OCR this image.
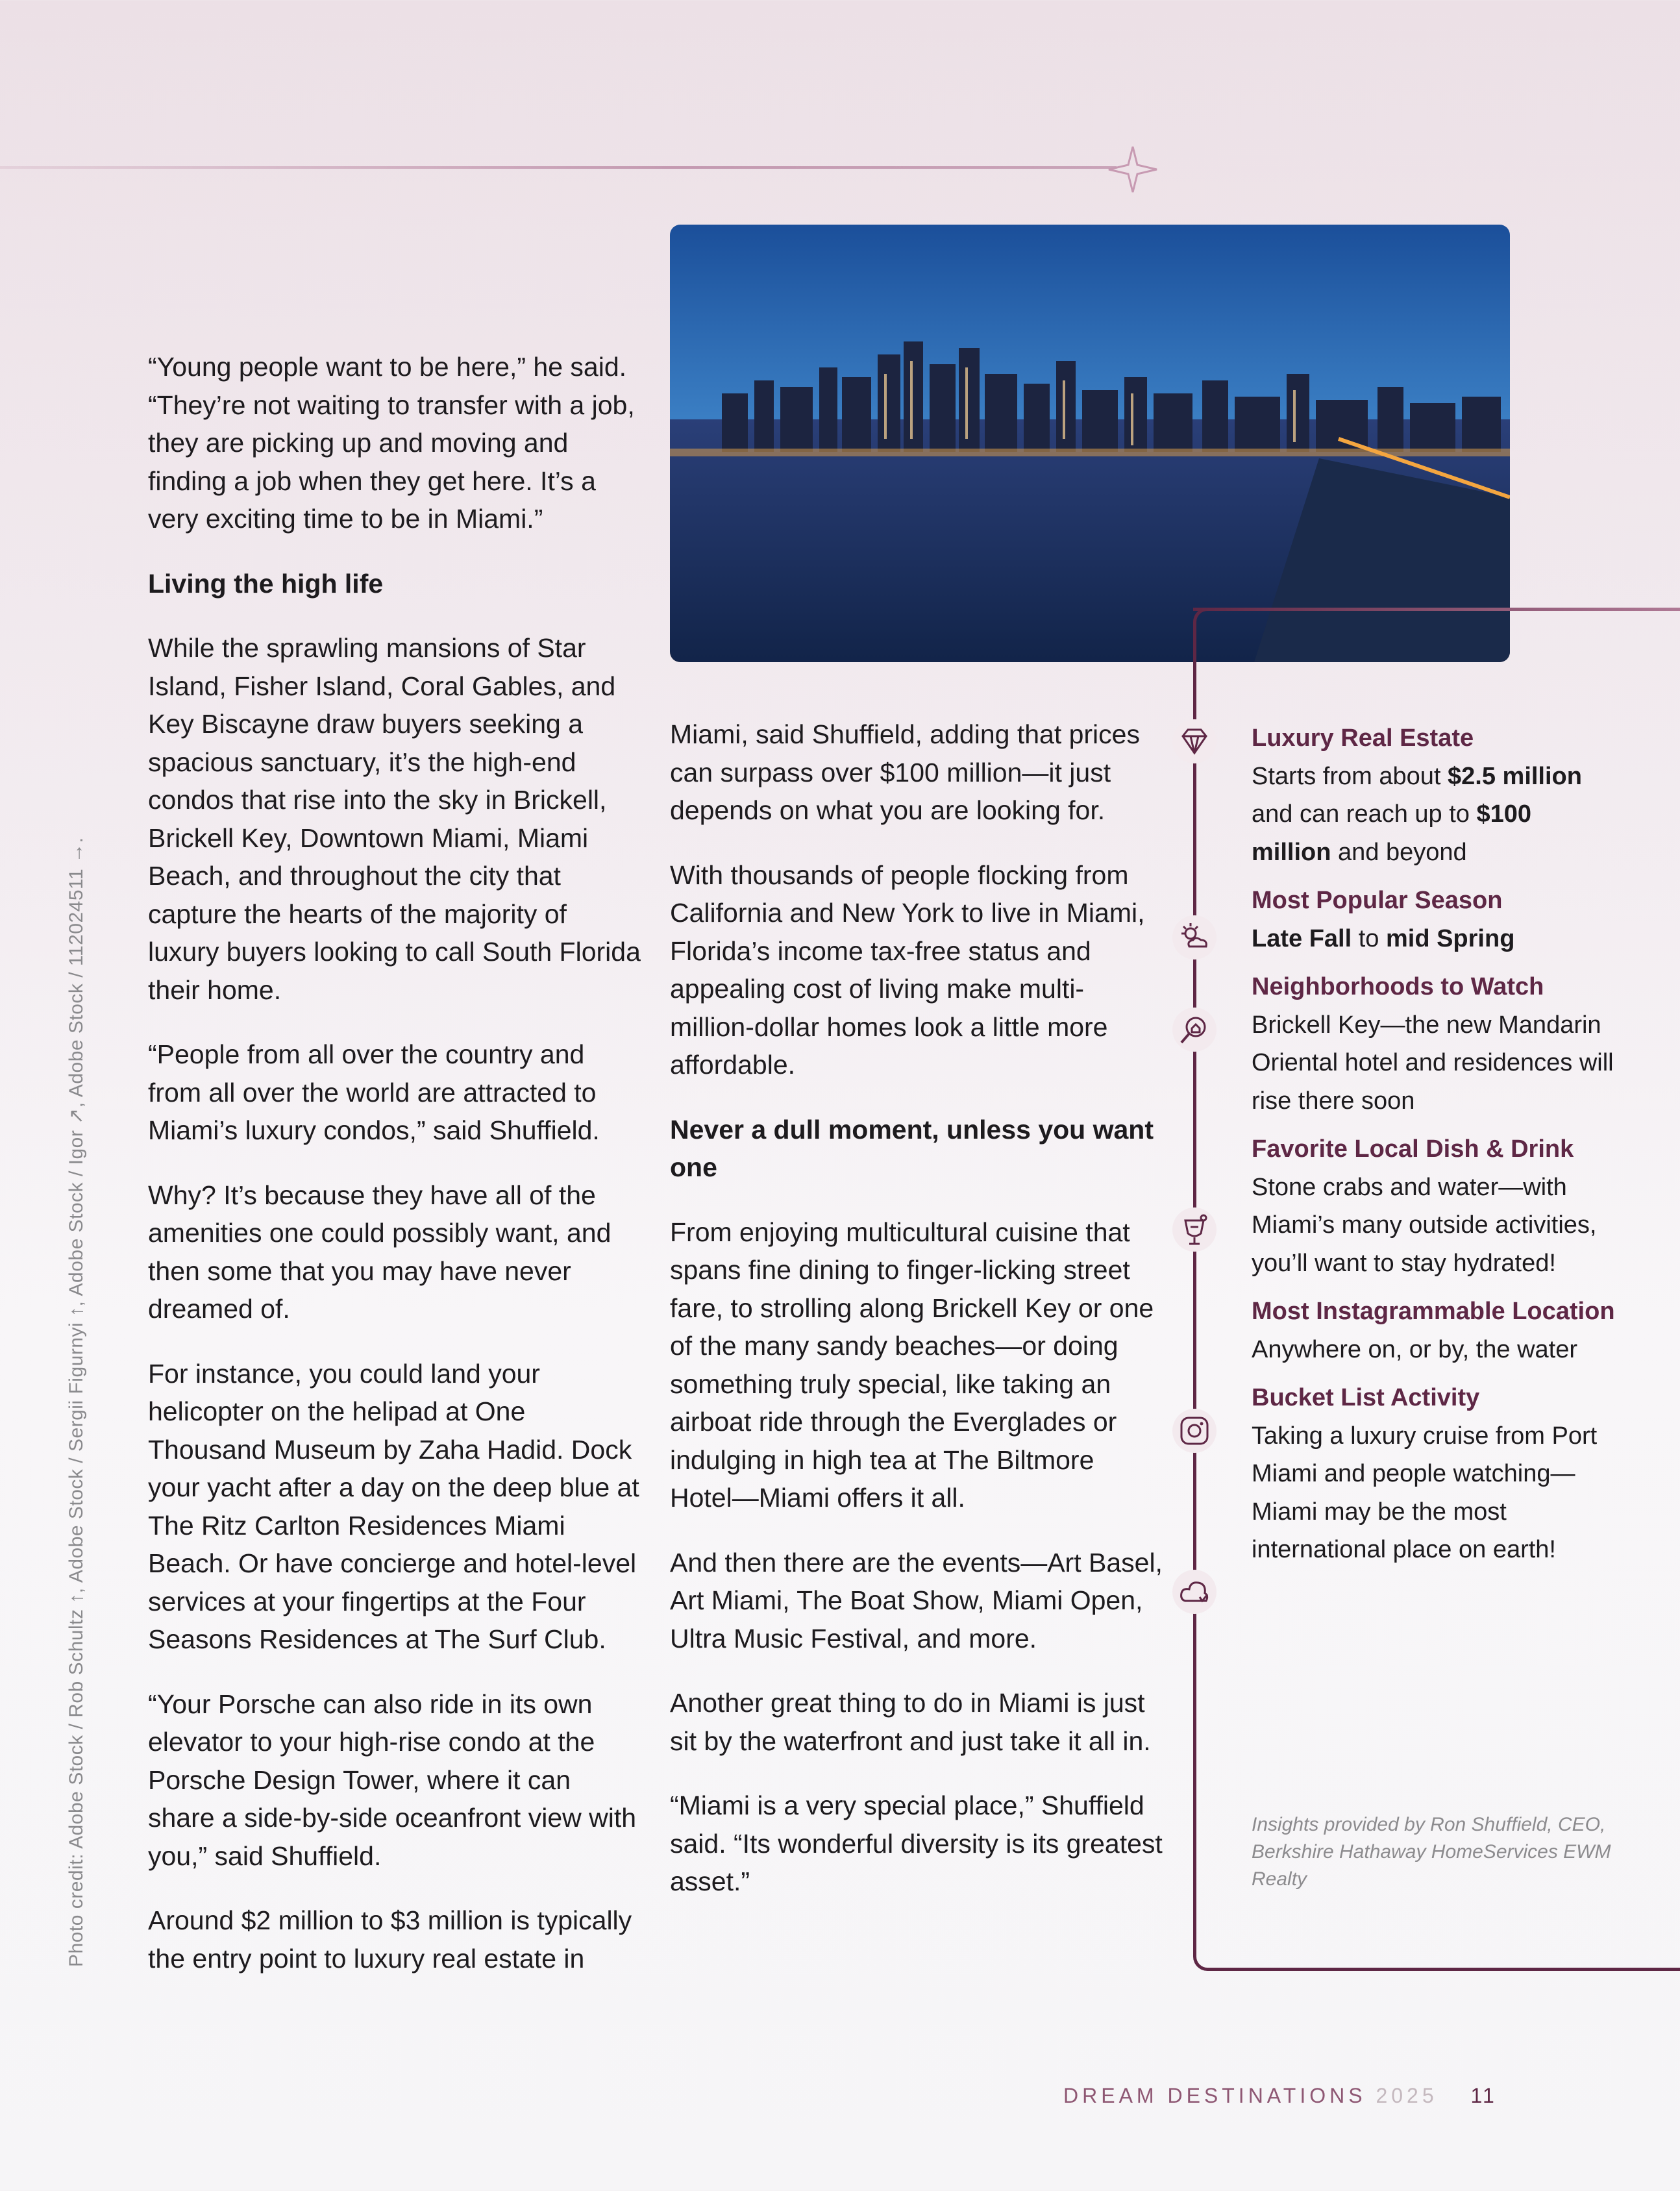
“Young people want to be here,” he said. “They’re not waiting to transfer with a job, they are picking up and moving and finding a job when they get here. It’s a very exciting time to be in Miami.”

Living the high life

While the sprawling mansions of Star Island, Fisher Island, Coral Gables, and Key Biscayne draw buyers seeking a spacious sanctuary, it’s the high-end condos that rise into the sky in Brickell, Brickell Key, Downtown Miami, Miami Beach, and throughout the city that capture the hearts of the majority of luxury buyers looking to call South Florida their home.

“People from all over the country and from all over the world are attracted to Miami’s luxury condos,” said Shuffield.

Why? It’s because they have all of the amenities one could possibly want, and then some that you may have never dreamed of.

For instance, you could land your helicopter on the helipad at One Thousand Museum by Zaha Hadid. Dock your yacht after a day on the deep blue at The Ritz Carlton Residences Miami Beach. Or have concierge and hotel-level services at your fingertips at the Four Seasons Residences at The Surf Club.

“Your Porsche can also ride in its own elevator to your high-rise condo at the Porsche Design Tower, where it can share a side-by-side oceanfront view with you,” said Shuffield.

Around $2 million to $3 million is typically the entry point to luxury real estate in

Miami, said Shuffield, adding that prices can surpass over $100 million—it just depends on what you are looking for.

With thousands of people flocking from California and New York to live in Miami, Florida’s income tax-free status and appealing cost of living make multi-million-dollar homes look a little more affordable.

Never a dull moment, unless you want one

From enjoying multicultural cuisine that spans fine dining to finger-licking street fare, to strolling along Brickell Key or one of the many sandy beaches—or doing something truly special, like taking an airboat ride through the Everglades or indulging in high tea at The Biltmore Hotel—Miami offers it all.

And then there are the events—Art Basel, Art Miami, The Boat Show, Miami Open, Ultra Music Festival, and more.

Another great thing to do in Miami is just sit by the waterfront and just take it all in.

“Miami is a very special place,” Shuffield said. “Its wonderful diversity is its greatest asset.”

Photo credit: Adobe Stock / Rob Schultz ↑, Adobe Stock / Sergii Figurnyi ↑, Adobe Stock / Igor ↗, Adobe Stock / 112024511 →.
Luxury Real Estate
Starts from about $2.5 million and can reach up to $100 million and beyond
Most Popular Season
Late Fall to mid Spring
Neighborhoods to Watch
Brickell Key—the new Mandarin Oriental hotel and residences will rise there soon
Favorite Local Dish & Drink
Stone crabs and water—with Miami’s many outside activities, you’ll want to stay hydrated!
Most Instagrammable Location
Anywhere on, or by, the water
Bucket List Activity
Taking a luxury cruise from Port Miami and people watching—Miami may be the most international place on earth!
Insights provided by Ron Shuffield, CEO, Berkshire Hathaway HomeServices EWM Realty
DREAM DESTINATIONS 2025 11
